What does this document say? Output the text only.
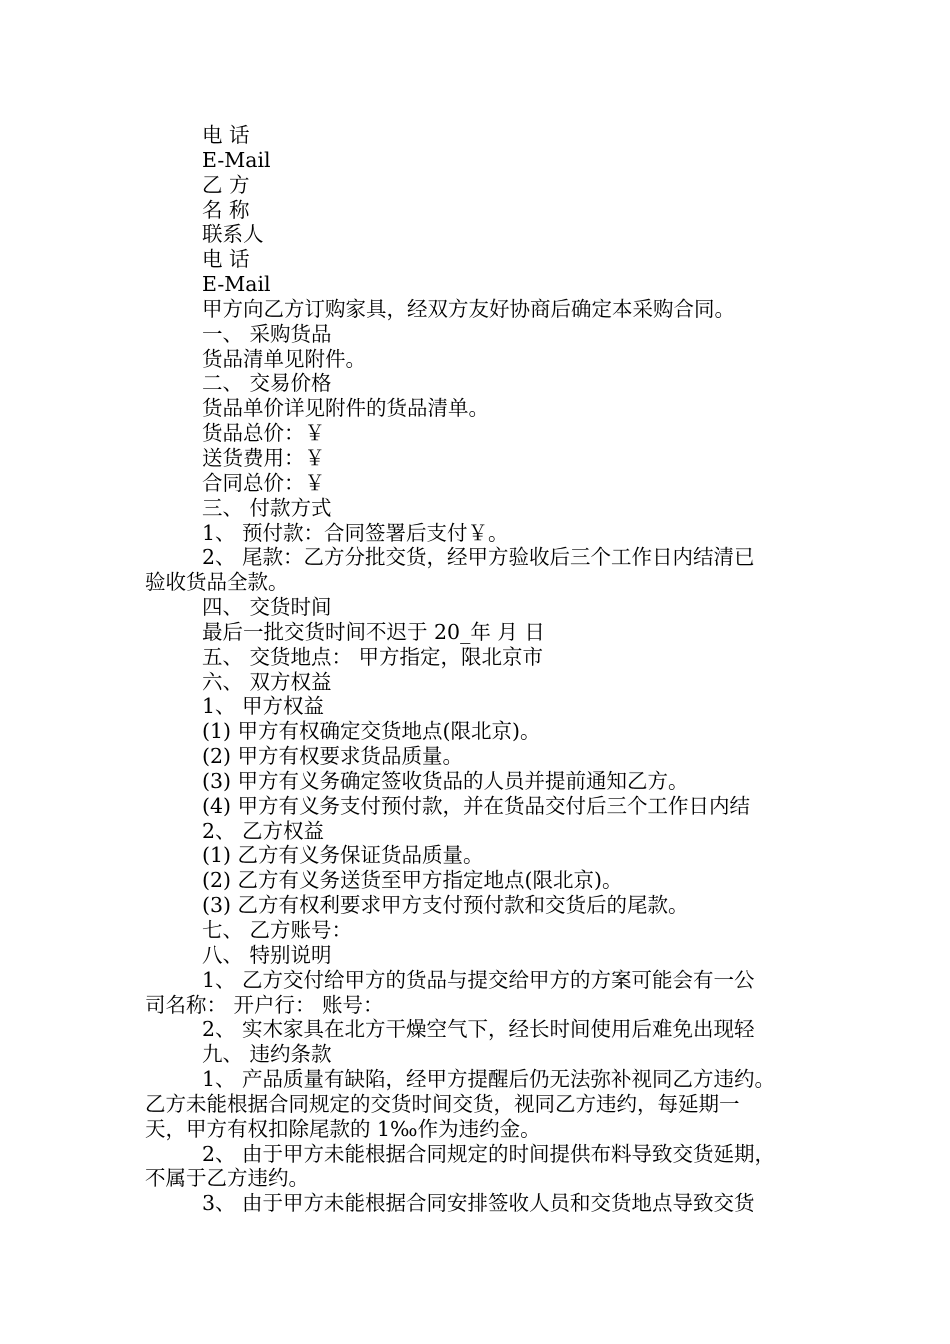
电 话
E-Mail
乙 方
名 称
联系人
电 话
E-Mail
甲方向乙方订购家具，经双方友好协商后确定本采购合同。
一、 采购货品
货品清单见附件。
二、 交易价格
货品单价详见附件的货品清单。
货品总价：￥
送货费用：￥
合同总价：￥
三、 付款方式
1、 预付款：合同签署后支付￥。
2、 尾款：乙方分批交货，经甲方验收后三个工作日内结清已
验收货品全款。
四、 交货时间
最后一批交货时间不迟于 20_年 月 日
五、 交货地点： 甲方指定，限北京市
六、 双方权益
1、 甲方权益
(1) 甲方有权确定交货地点(限北京)。
(2) 甲方有权要求货品质量。
(3) 甲方有义务确定签收货品的人员并提前通知乙方。
(4) 甲方有义务支付预付款，并在货品交付后三个工作日内结
2、 乙方权益
(1) 乙方有义务保证货品质量。
(2) 乙方有义务送货至甲方指定地点(限北京)。
(3) 乙方有权利要求甲方支付预付款和交货后的尾款。
七、 乙方账号：
八、 特别说明
1、 乙方交付给甲方的货品与提交给甲方的方案可能会有一公
司名称： 开户行： 账号：
2、 实木家具在北方干燥空气下，经长时间使用后难免出现轻
九、 违约条款
1、 产品质量有缺陷，经甲方提醒后仍无法弥补视同乙方违约。
乙方未能根据合同规定的交货时间交货，视同乙方违约，每延期一
天，甲方有权扣除尾款的 1‰作为违约金。
2、 由于甲方未能根据合同规定的时间提供布料导致交货延期，
不属于乙方违约。
3、 由于甲方未能根据合同安排签收人员和交货地点导致交货
